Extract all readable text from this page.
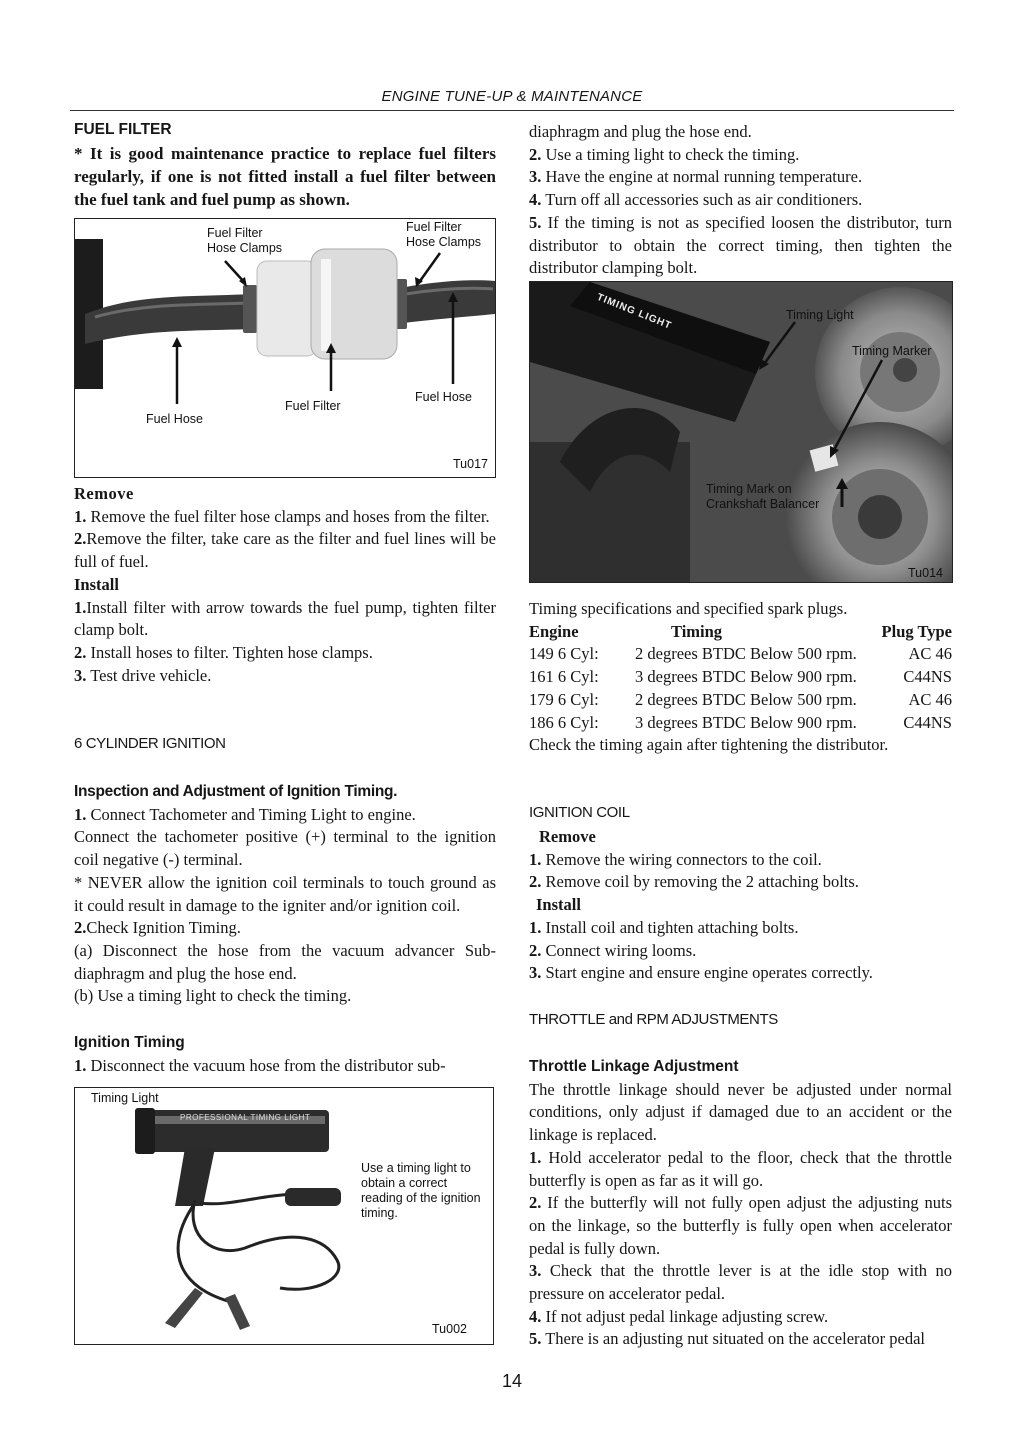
ENGINE TUNE-UP & MAINTENANCE

FUEL FILTER

* It is good maintenance practice to replace fuel filters regularly, if one is not fitted install a fuel filter between the fuel tank and fuel pump as shown.

Fuel Filter
Hose Clamps
Fuel Filter
Hose Clamps
Fuel Hose
Fuel Filter
Fuel Hose
Tu017

Remove

1. Remove the fuel filter hose clamps and hoses from the filter.

2.Remove the filter, take care as the filter and fuel lines will be full of fuel.

Install

1.Install filter with arrow towards the fuel pump, tighten filter clamp bolt.

2. Install hoses to filter. Tighten hose clamps.

3. Test drive vehicle.

6 CYLINDER IGNITION

Inspection and Adjustment of Ignition Timing.

1. Connect Tachometer and Timing Light to engine.

Connect the tachometer positive (+) terminal to the ignition coil negative (-) terminal.

* NEVER allow the ignition coil terminals to touch ground as it could result in damage to the igniter and/or ignition coil.

2.Check Ignition Timing.

(a) Disconnect the hose from the vacuum advancer Sub-diaphragm and plug the hose end.

(b) Use a timing light to check the timing.

Ignition Timing

1. Disconnect the vacuum hose from the distributor sub-

Timing Light
PROFESSIONAL TIMING LIGHT
Use a timing light to obtain a correct reading of the ignition timing.
Tu002

diaphragm and plug the hose end.

2. Use a timing light to check the timing.

3. Have the engine at normal running temperature.

4. Turn off all accessories such as air conditioners.

5. If the timing is not as specified loosen the distributor, turn distributor to obtain the correct timing, then tighten the distributor clamping bolt.

TIMING LIGHT	Timing Light
Timing Marker
Timing Mark on
Crankshaft Balancer
Tu014

Timing specifications and specified spark plugs.

Engine	Timing	Plug Type
149 6 Cyl:	2 degrees BTDC Below 500 rpm.	AC 46
161 6 Cyl:	3 degrees BTDC Below 900 rpm.	C44NS
179 6 Cyl:	2 degrees BTDC Below 500 rpm.	AC 46
186 6 Cyl:	3 degrees BTDC Below 900 rpm.	C44NS

Check the timing again after tightening the distributor.

IGNITION COIL

Remove

1. Remove the wiring connectors to the coil.

2. Remove coil by removing the 2 attaching bolts.

Install

1. Install coil and tighten attaching bolts.

2. Connect wiring looms.

3. Start engine and ensure engine operates correctly.

THROTTLE and RPM ADJUSTMENTS

Throttle Linkage Adjustment

The throttle linkage should never be adjusted under normal conditions, only adjust if damaged due to an accident or the linkage is replaced.

1. Hold accelerator pedal to the floor, check that the throttle butterfly is open as far as it will go.

2. If the butterfly will not fully open adjust the adjusting nuts on the linkage, so the butterfly is fully open when accelerator pedal is fully down.

3. Check that the throttle lever is at the idle stop with no pressure on accelerator pedal.

4. If not adjust pedal linkage adjusting screw.

5. There is an adjusting nut situated on the accelerator pedal

14
